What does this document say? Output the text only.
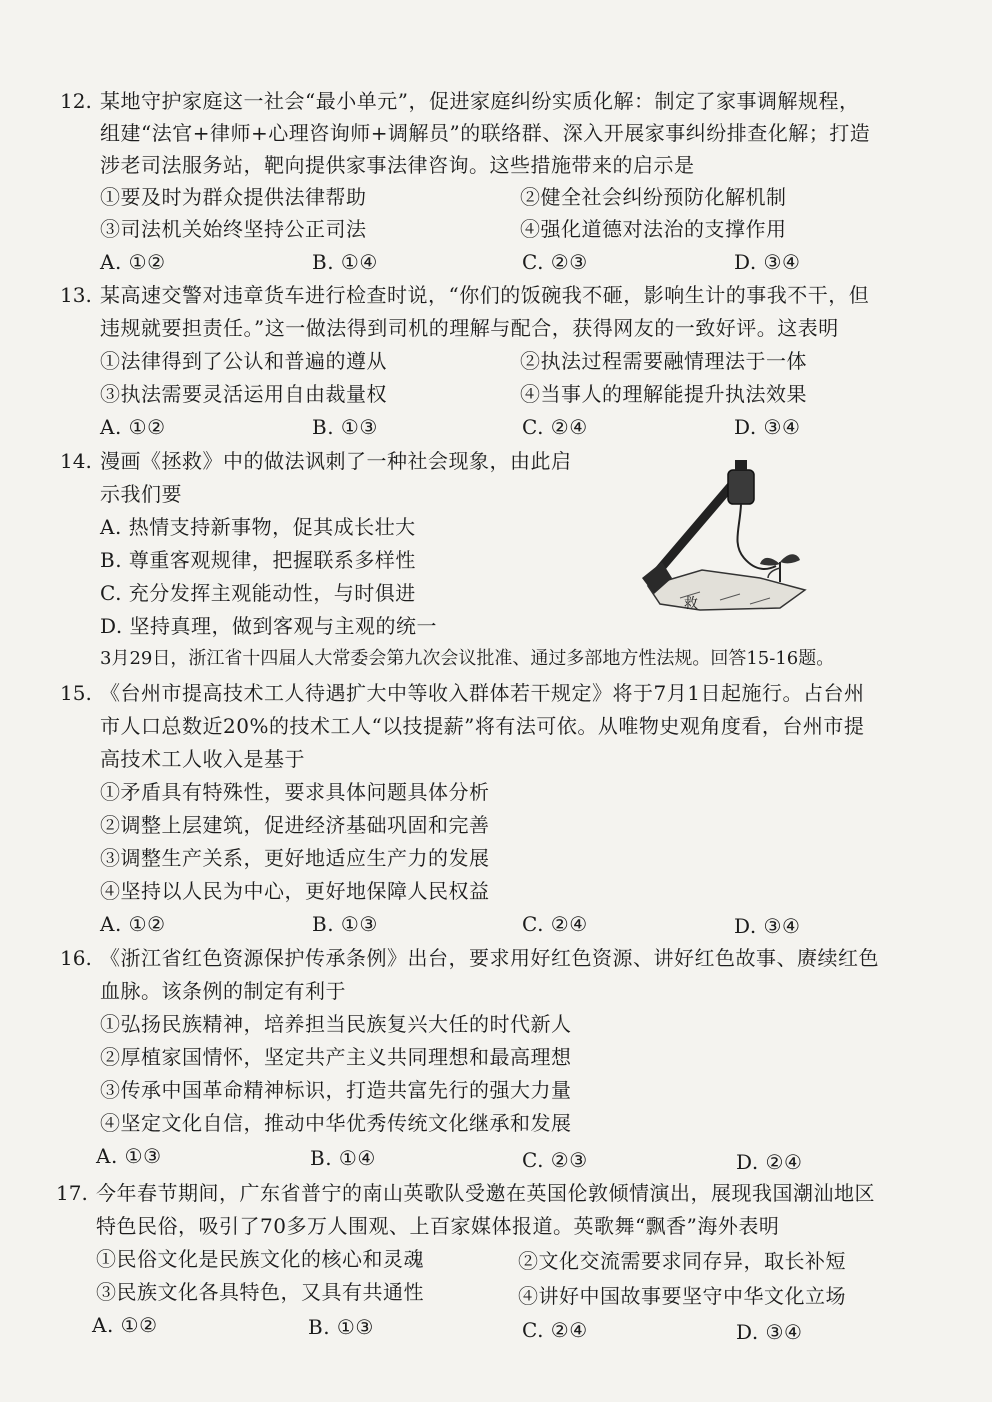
12. 某地守护家庭这一社会“最小单元”，促进家庭纠纷实质化解：制定了家事调解规程，
组建“法官+律师+心理咨询师+调解员”的联络群、深入开展家事纠纷排查化解；打造
涉老司法服务站，靶向提供家事法律咨询。这些措施带来的启示是
①要及时为群众提供法律帮助	②健全社会纠纷预防化解机制
③司法机关始终坚持公正司法	④强化道德对法治的支撑作用
A. ①②	B. ①④	C. ②③	D. ③④
13. 某高速交警对违章货车进行检查时说，“你们的饭碗我不砸，影响生计的事我不干，但
违规就要担责任。”这一做法得到司机的理解与配合，获得网友的一致好评。这表明
①法律得到了公认和普遍的遵从	②执法过程需要融情理法于一体
③执法需要灵活运用自由裁量权	④当事人的理解能提升执法效果
A. ①②	B. ①③	C. ②④	D. ③④
14. 漫画《拯救》中的做法讽刺了一种社会现象，由此启
示我们要
A. 热情支持新事物，促其成长壮大
B. 尊重客观规律，把握联系多样性
C. 充分发挥主观能动性，与时俱进
D. 坚持真理，做到客观与主观的统一
救
3月29日，浙江省十四届人大常委会第九次会议批准、通过多部地方性法规。回答15-16题。
15. 《台州市提高技术工人待遇扩大中等收入群体若干规定》将于7月1日起施行。占台州
市人口总数近20%的技术工人“以技提薪”将有法可依。从唯物史观角度看，台州市提
高技术工人收入是基于
①矛盾具有特殊性，要求具体问题具体分析
②调整上层建筑，促进经济基础巩固和完善
③调整生产关系，更好地适应生产力的发展
④坚持以人民为中心，更好地保障人民权益
A. ①②	B. ①③	C. ②④	D. ③④
16. 《浙江省红色资源保护传承条例》出台，要求用好红色资源、讲好红色故事、赓续红色
血脉。该条例的制定有利于
①弘扬民族精神，培养担当民族复兴大任的时代新人
②厚植家国情怀，坚定共产主义共同理想和最高理想
③传承中国革命精神标识，打造共富先行的强大力量
④坚定文化自信，推动中华优秀传统文化继承和发展
A. ①③	B. ①④	C. ②③	D. ②④
17. 今年春节期间，广东省普宁的南山英歌队受邀在英国伦敦倾情演出，展现我国潮汕地区
特色民俗，吸引了70多万人围观、上百家媒体报道。英歌舞“飘香”海外表明
①民俗文化是民族文化的核心和灵魂	②文化交流需要求同存异，取长补短
③民族文化各具特色，又具有共通性	④讲好中国故事要坚守中华文化立场
A. ①②	B. ①③	C. ②④	D. ③④
